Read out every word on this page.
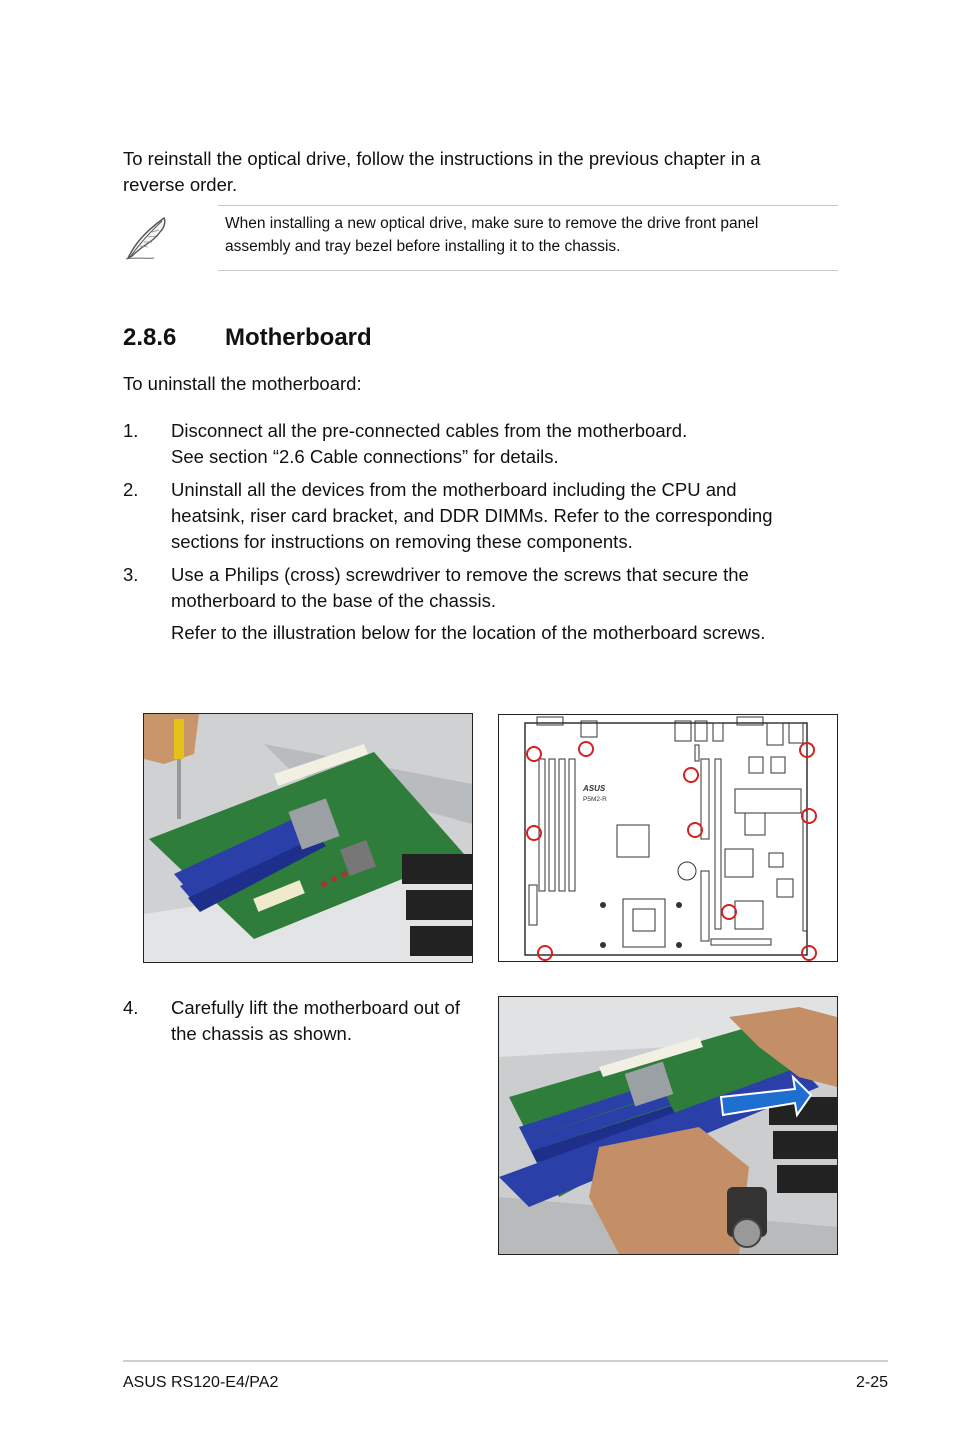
To reinstall the optical drive, follow the instructions in the previous chapter in a
reverse order.
When installing a new optical drive, make sure to remove the drive front panel
assembly and tray bezel before installing it to the chassis.
2.8.6 Motherboard
To uninstall the motherboard:
1. Disconnect all the pre-connected cables from the motherboard.
See section “2.6 Cable connections” for details.
2. Uninstall all the devices from the motherboard including the CPU and
heatsink, riser card bracket, and DDR DIMMs. Refer to the corresponding
sections for instructions on removing these components.
3. Use a Philips (cross) screwdriver to remove the screws that secure the
motherboard to the base of the chassis.
Refer to the illustration below for the location of the motherboard screws.
ASUS
P5M2-R
4. Carefully lift the motherboard out of
the chassis as shown.
ASUS RS120-E4/PA2	2-25
